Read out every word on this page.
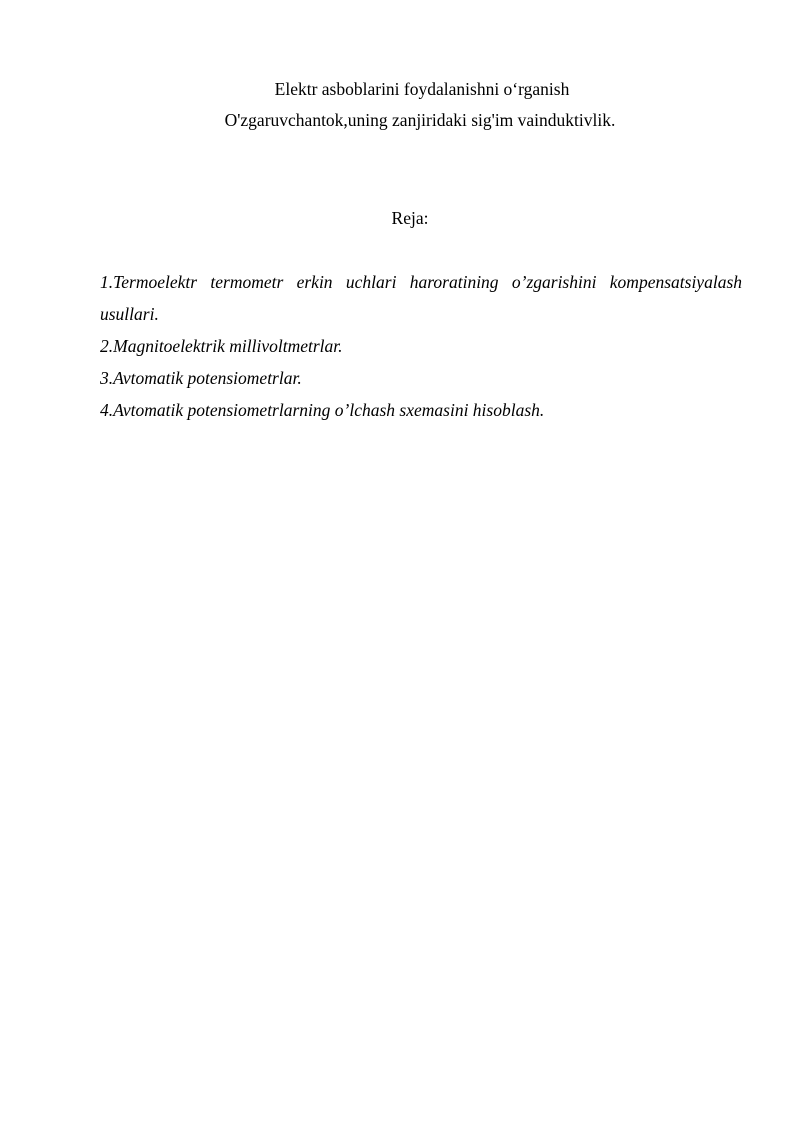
Elektr asboblarini foydalanishni o‘rganish
O'zgaruvchantok,uning zanjiridaki sig'im vainduktivlik.
Reja:

1.Termoelektr termometr erkin uchlari haroratining o’zgarishini kompensatsiyalash usullari.

2.Magnitoelektrik millivoltmetrlar.

3.Avtomatik potensiometrlar.

4.Avtomatik potensiometrlarning o’lchash sxemasini hisoblash.
